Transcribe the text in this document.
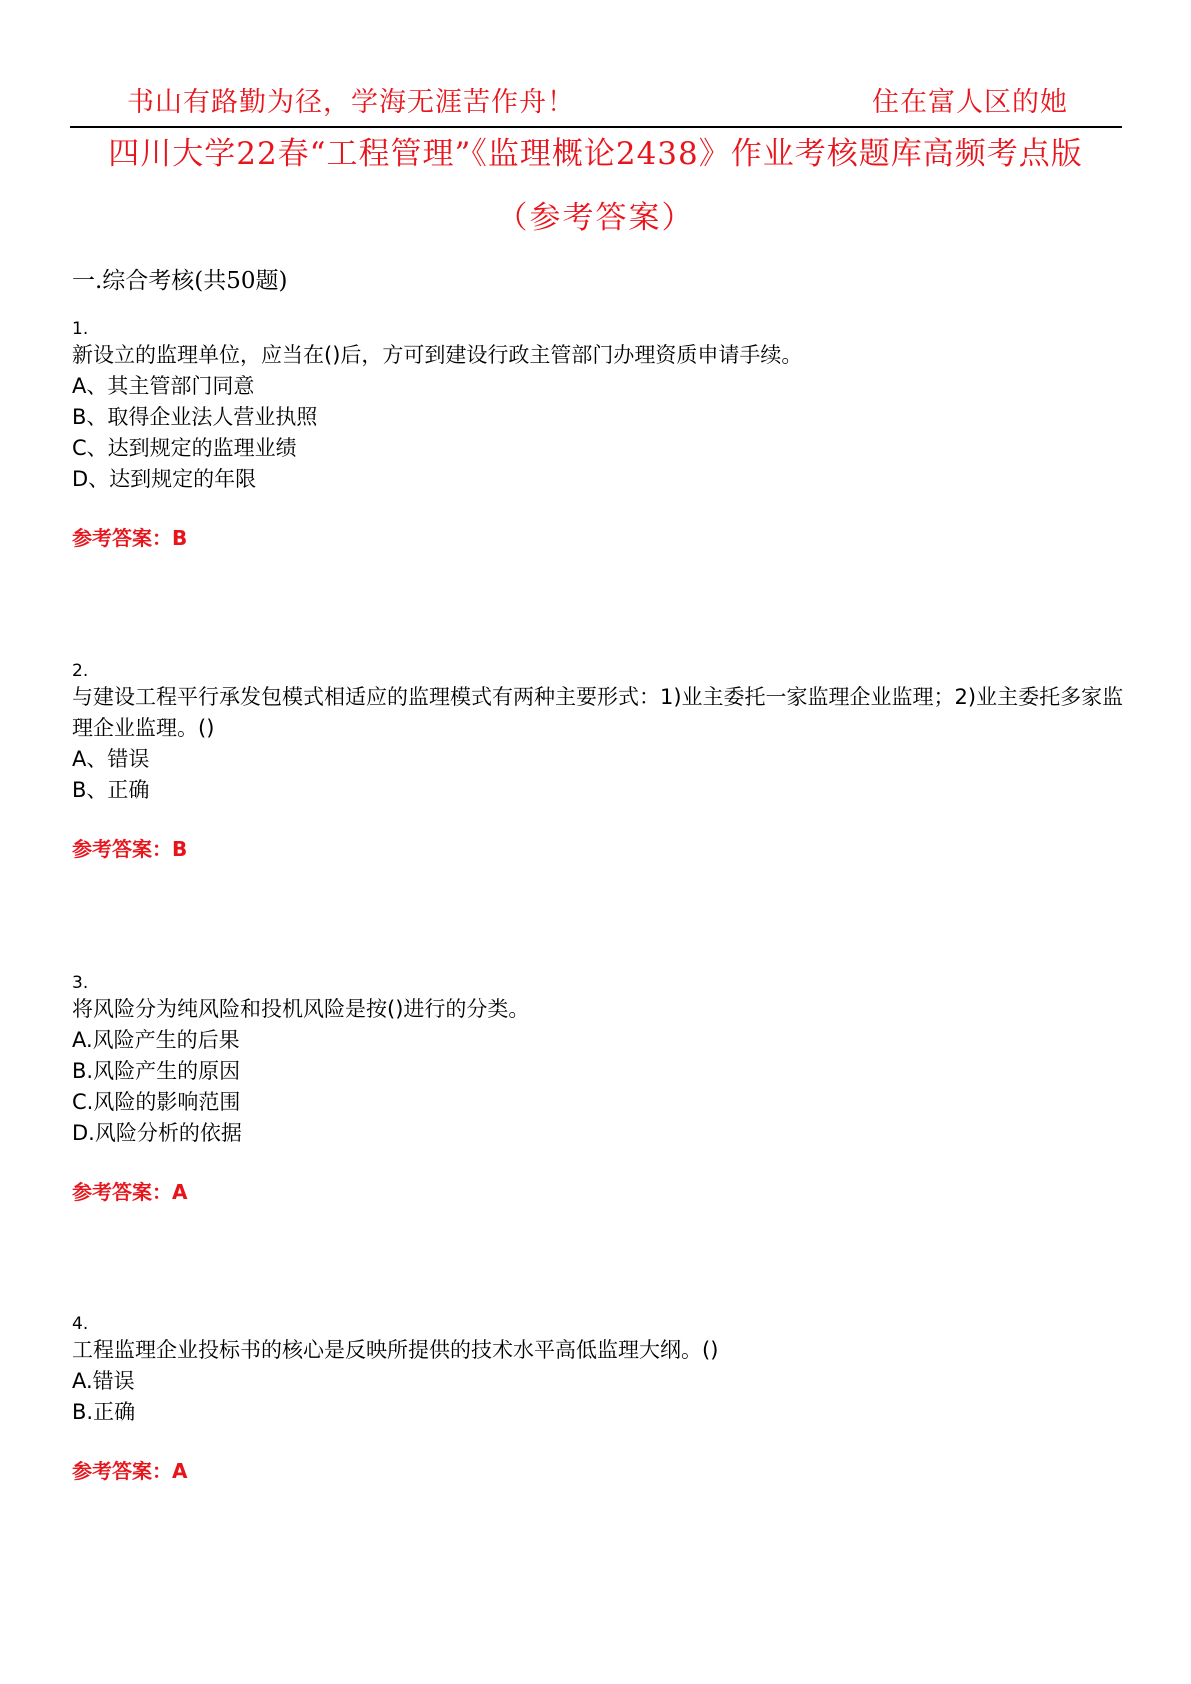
书山有路勤为径，学海无涯苦作舟！	住在富人区的她
四川大学22春“工程管理”《监理概论2438》作业考核题库高频考点版
（参考答案）
一.综合考核(共50题)
1.
新设立的监理单位，应当在()后，方可到建设行政主管部门办理资质申请手续。
A、其主管部门同意
B、取得企业法人营业执照
C、达到规定的监理业绩
D、达到规定的年限
参考答案：B
2.
与建设工程平行承发包模式相适应的监理模式有两种主要形式：1)业主委托一家监理企业监理；2)业主委托多家监理企业监理。()
A、错误
B、正确
参考答案：B
3.
将风险分为纯风险和投机风险是按()进行的分类。
A.风险产生的后果
B.风险产生的原因
C.风险的影响范围
D.风险分析的依据
参考答案：A
4.
工程监理企业投标书的核心是反映所提供的技术水平高低监理大纲。()
A.错误
B.正确
参考答案：A
